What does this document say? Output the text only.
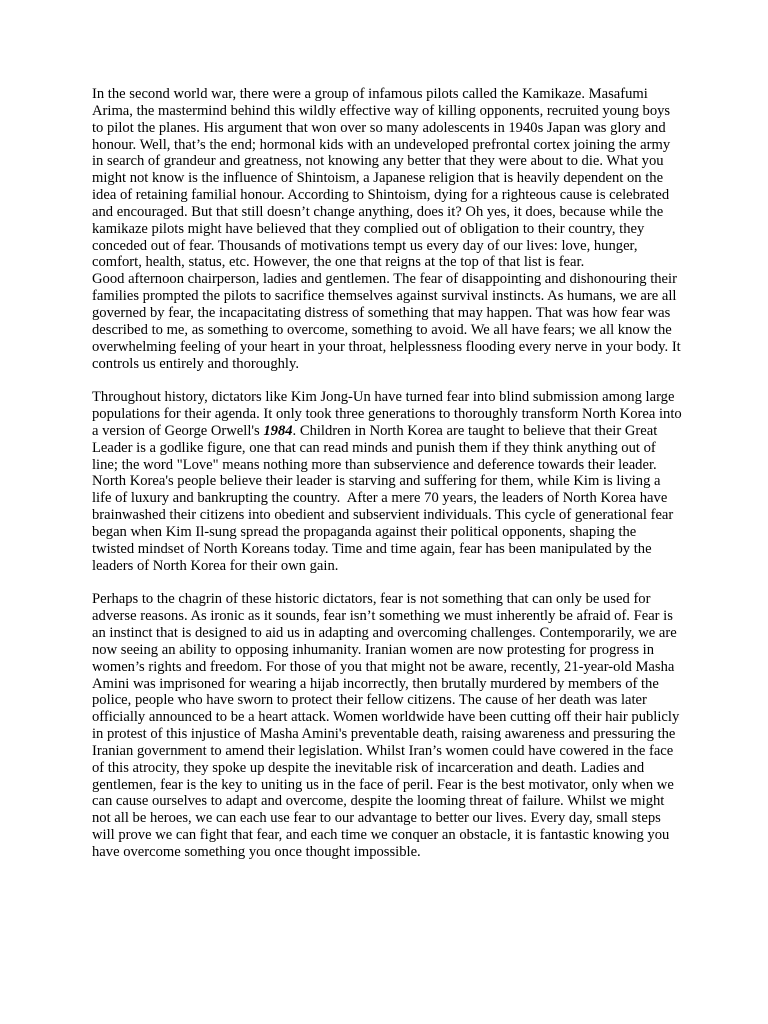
In the second world war, there were a group of infamous pilots called the Kamikaze. Masafumi Arima, the mastermind behind this wildly effective way of killing opponents, recruited young boys to pilot the planes. His argument that won over so many adolescents in 1940s Japan was glory and honour. Well, that’s the end; hormonal kids with an undeveloped prefrontal cortex joining the army in search of grandeur and greatness, not knowing any better that they were about to die. What you might not know is the influence of Shintoism, a Japanese religion that is heavily dependent on the idea of retaining familial honour. According to Shintoism, dying for a righteous cause is celebrated and encouraged. But that still doesn’t change anything, does it? Oh yes, it does, because while the kamikaze pilots might have believed that they complied out of obligation to their country, they conceded out of fear. Thousands of motivations tempt us every day of our lives: love, hunger, comfort, health, status, etc. However, the one that reigns at the top of that list is fear.

Good afternoon chairperson, ladies and gentlemen. The fear of disappointing and dishonouring their families prompted the pilots to sacrifice themselves against survival instincts. As humans, we are all governed by fear, the incapacitating distress of something that may happen. That was how fear was described to me, as something to overcome, something to avoid. We all have fears; we all know the overwhelming feeling of your heart in your throat, helplessness flooding every nerve in your body. It controls us entirely and thoroughly.

Throughout history, dictators like Kim Jong-Un have turned fear into blind submission among large populations for their agenda. It only took three generations to thoroughly transform North Korea into a version of George Orwell's 1984. Children in North Korea are taught to believe that their Great Leader is a godlike figure, one that can read minds and punish them if they think anything out of line; the word "Love" means nothing more than subservience and deference towards their leader.  North Korea's people believe their leader is starving and suffering for them, while Kim is living a life of luxury and bankrupting the country.  After a mere 70 years, the leaders of North Korea have brainwashed their citizens into obedient and subservient individuals. This cycle of generational fear began when Kim Il-sung spread the propaganda against their political opponents, shaping the twisted mindset of North Koreans today. Time and time again, fear has been manipulated by the leaders of North Korea for their own gain.

Perhaps to the chagrin of these historic dictators, fear is not something that can only be used for adverse reasons. As ironic as it sounds, fear isn’t something we must inherently be afraid of. Fear is an instinct that is designed to aid us in adapting and overcoming challenges. Contemporarily, we are now seeing an ability to opposing inhumanity. Iranian women are now protesting for progress in women’s rights and freedom. For those of you that might not be aware, recently, 21-year-old Masha Amini was imprisoned for wearing a hijab incorrectly, then brutally murdered by members of the police, people who have sworn to protect their fellow citizens. The cause of her death was later officially announced to be a heart attack. Women worldwide have been cutting off their hair publicly in protest of this injustice of Masha Amini's preventable death, raising awareness and pressuring the Iranian government to amend their legislation. Whilst Iran’s women could have cowered in the face of this atrocity, they spoke up despite the inevitable risk of incarceration and death. Ladies and gentlemen, fear is the key to uniting us in the face of peril. Fear is the best motivator, only when we can cause ourselves to adapt and overcome, despite the looming threat of failure. Whilst we might not all be heroes, we can each use fear to our advantage to better our lives. Every day, small steps will prove we can fight that fear, and each time we conquer an obstacle, it is fantastic knowing you have overcome something you once thought impossible.
